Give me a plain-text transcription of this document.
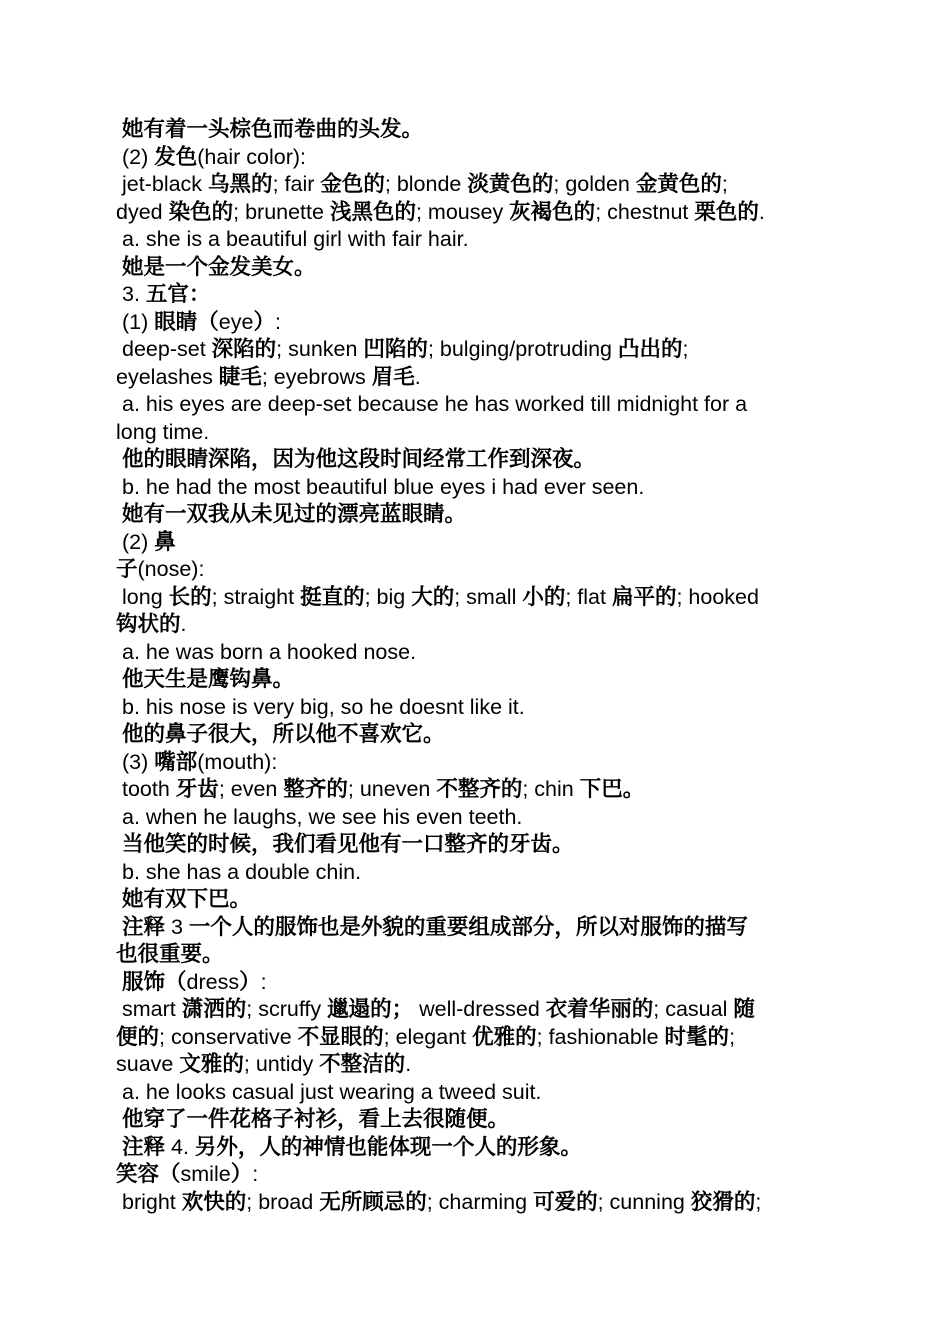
她有着一头棕色而卷曲的头发。
(2) 发色(hair color):
jet-black 乌黑的; fair 金色的; blonde 淡黄色的; golden 金黄色的;
dyed 染色的; brunette 浅黑色的; mousey 灰褐色的; chestnut 栗色的.
a. she is a beautiful girl with fair hair.
她是一个金发美女。
3. 五官：
(1) 眼睛（eye）:
deep-set 深陷的; sunken 凹陷的; bulging/protruding 凸出的;
eyelashes 睫毛; eyebrows 眉毛.
a. his eyes are deep-set because he has worked till midnight for a
long time.
他的眼睛深陷，因为他这段时间经常工作到深夜。
b. he had the most beautiful blue eyes i had ever seen.
她有一双我从未见过的漂亮蓝眼睛。
(2) 鼻
子(nose):
long 长的; straight 挺直的; big 大的; small 小的; flat 扁平的; hooked
钩状的.
a. he was born a hooked nose.
他天生是鹰钩鼻。
b. his nose is very big, so he doesnt like it.
他的鼻子很大，所以他不喜欢它。
(3) 嘴部(mouth):
tooth 牙齿; even 整齐的; uneven 不整齐的; chin 下巴。
a. when he laughs, we see his even teeth.
当他笑的时候，我们看见他有一口整齐的牙齿。
b. she has a double chin.
她有双下巴。
注释 3 一个人的服饰也是外貌的重要组成部分，所以对服饰的描写
也很重要。
服饰（dress）:
smart 潇洒的; scruffy 邋遢的； well-dressed 衣着华丽的; casual 随
便的; conservative 不显眼的; elegant 优雅的; fashionable 时髦的;
suave 文雅的; untidy 不整洁的.
a. he looks casual just wearing a tweed suit.
他穿了一件花格子衬衫，看上去很随便。
注释 4. 另外，人的神情也能体现一个人的形象。
笑容（smile）:
bright 欢快的; broad 无所顾忌的; charming 可爱的; cunning 狡猾的;
